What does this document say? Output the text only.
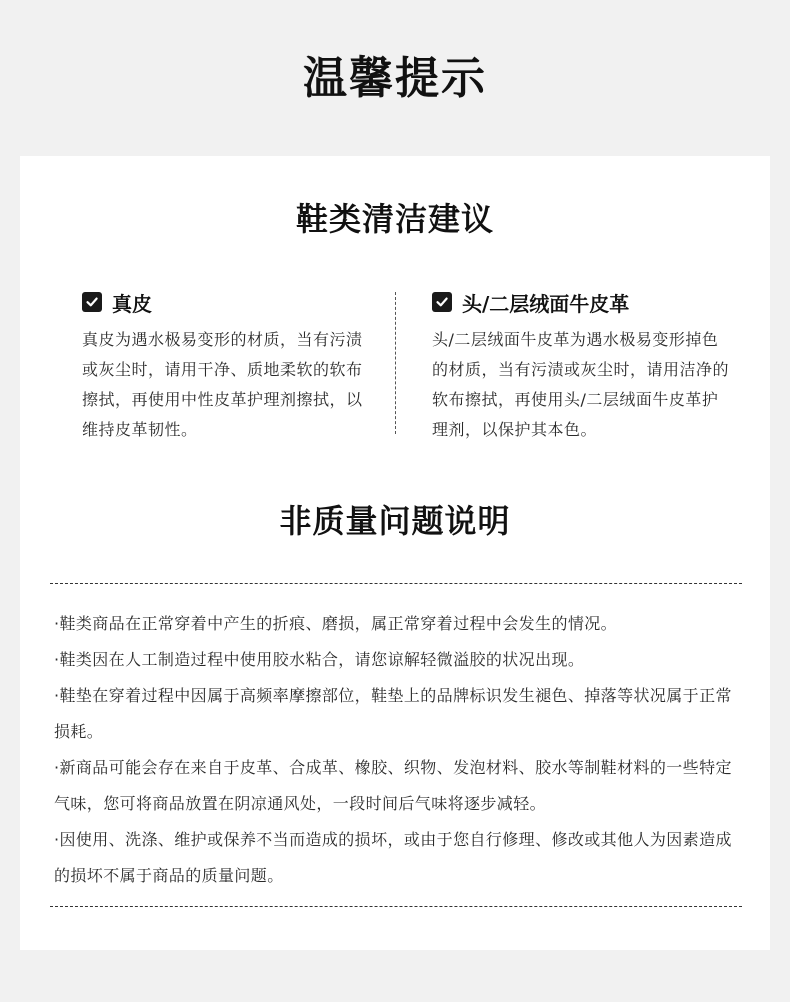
温馨提示
鞋类清洁建议
真皮
真皮为遇水极易变形的材质，当有污渍或灰尘时，请用干净、质地柔软的软布擦拭，再使用中性皮革护理剂擦拭，以维持皮革韧性。
头/二层绒面牛皮革
头/二层绒面牛皮革为遇水极易变形掉色的材质，当有污渍或灰尘时，请用洁净的软布擦拭，再使用头/二层绒面牛皮革护理剂，以保护其本色。
非质量问题说明
·鞋类商品在正常穿着中产生的折痕、磨损，属正常穿着过程中会发生的情况。
·鞋类因在人工制造过程中使用胶水粘合，请您谅解轻微溢胶的状况出现。
·鞋垫在穿着过程中因属于高频率摩擦部位，鞋垫上的品牌标识发生褪色、掉落等状况属于正常损耗。
·新商品可能会存在来自于皮革、合成革、橡胶、织物、发泡材料、胶水等制鞋材料的一些特定气味，您可将商品放置在阴凉通风处，一段时间后气味将逐步减轻。
·因使用、洗涤、维护或保养不当而造成的损坏，或由于您自行修理、修改或其他人为因素造成的损坏不属于商品的质量问题。
